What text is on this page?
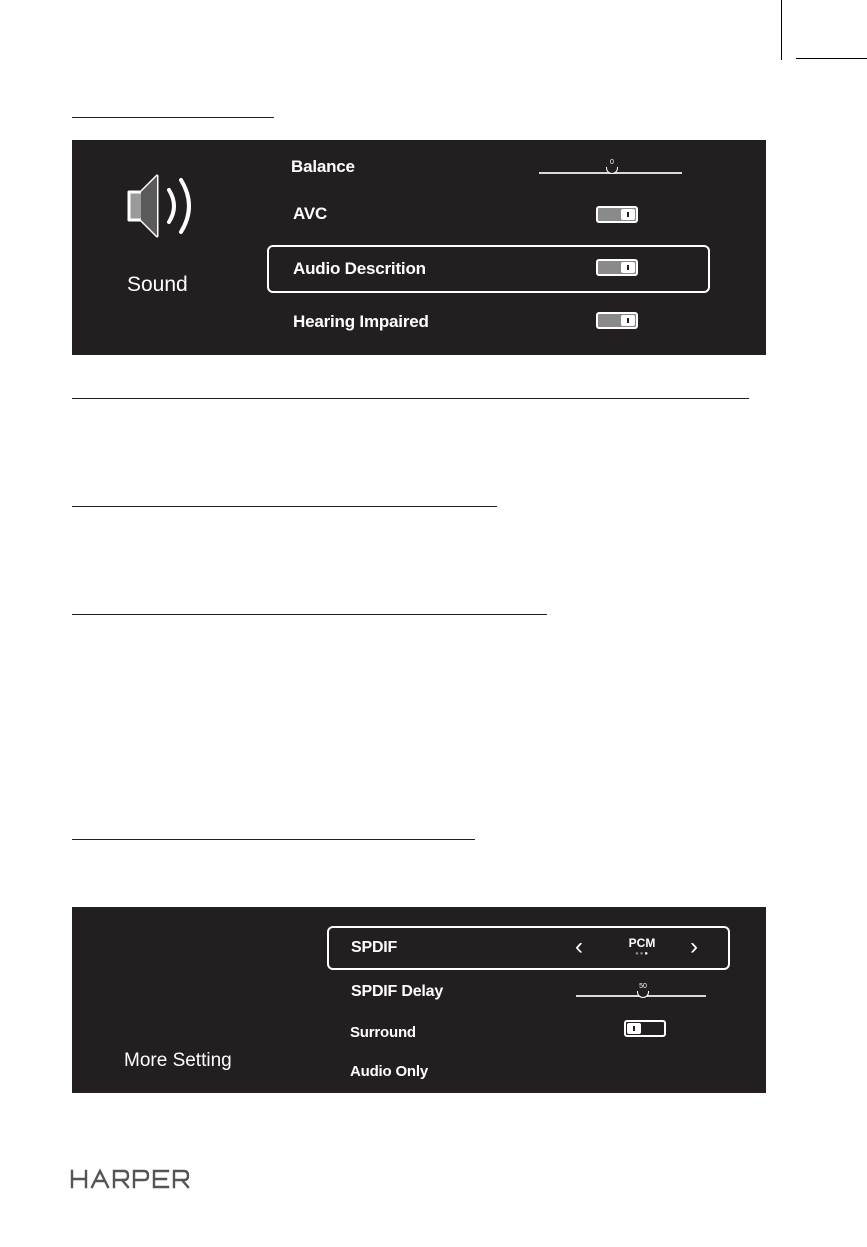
Sound
Balance	0
AVC
Audio Descrition
Hearing Impaired
More Setting
SPDIF	‹	PCM
●●●	›
SPDIF Delay	50
Surround
Audio Only
